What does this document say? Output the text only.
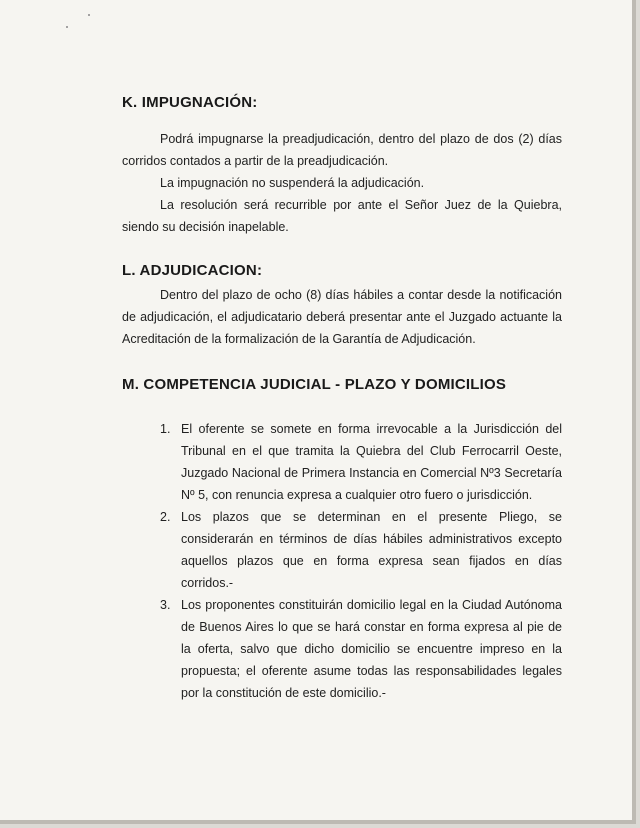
K. IMPUGNACIÓN:

Podrá impugnarse la preadjudicación, dentro del plazo de dos (2) días corridos contados a partir de la preadjudicación.

La impugnación no suspenderá la adjudicación.

La resolución será recurrible por ante el Señor Juez de la Quiebra, siendo su decisión inapelable.

L. ADJUDICACION:

Dentro del plazo de ocho (8) días hábiles a contar desde la notificación de adjudicación, el adjudicatario deberá presentar ante el Juzgado actuante la Acreditación de la formalización de la Garantía de Adjudicación.

M. COMPETENCIA JUDICIAL - PLAZO Y DOMICILIOS
1. El oferente se somete en forma irrevocable a la Jurisdicción del Tribunal en el que tramita la Quiebra del Club Ferrocarril Oeste, Juzgado Nacional de Primera Instancia en Comercial Nº3 Secretaría Nº 5, con renuncia expresa a cualquier otro fuero o jurisdicción.
2. Los plazos que se determinan en el presente Pliego, se considerarán en términos de días hábiles administrativos excepto aquellos plazos que en forma expresa sean fijados en días corridos.-
3. Los proponentes constituirán domicilio legal en la Ciudad Autónoma de Buenos Aires lo que se hará constar en forma expresa al pie de la oferta, salvo que dicho domicilio se encuentre impreso en la propuesta; el oferente asume todas las responsabilidades legales por la constitución de este domicilio.-
